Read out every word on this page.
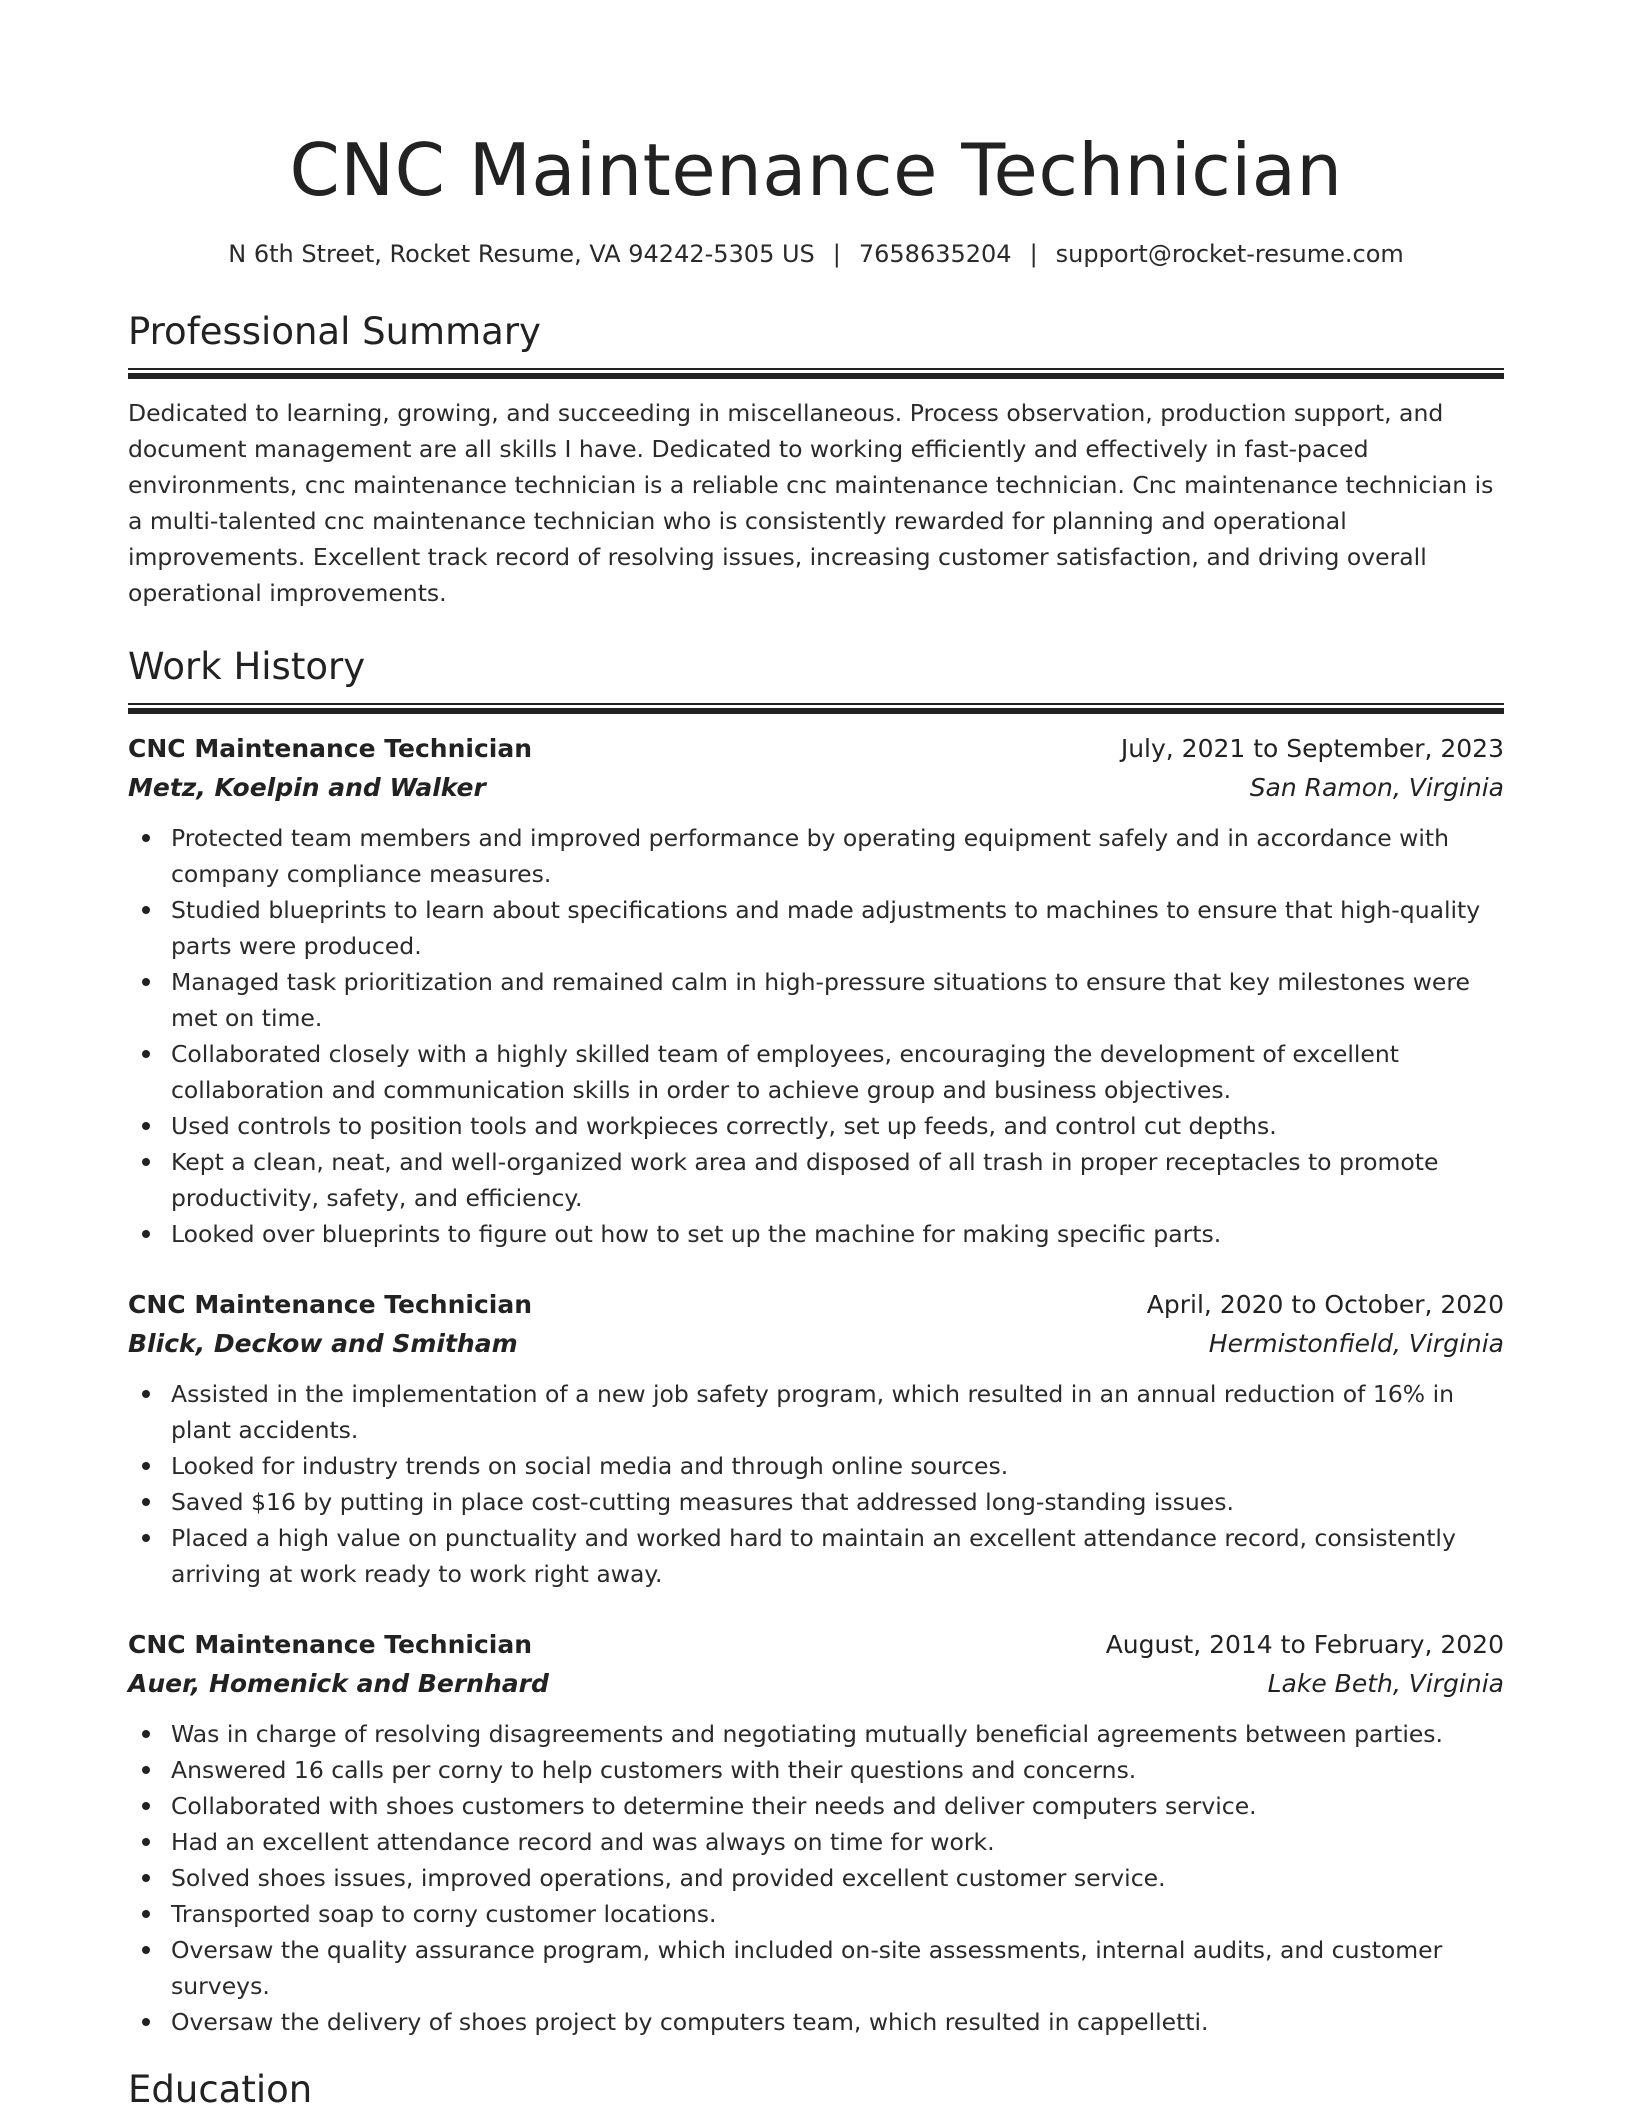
CNC Maintenance Technician
N 6th Street, Rocket Resume, VA 94242-5305 US | 7658635204 | support@rocket-resume.com
Professional Summary

Dedicated to learning, growing, and succeeding in miscellaneous. Process observation, production support, and document management are all skills I have. Dedicated to working efficiently and effectively in fast-paced environments, cnc maintenance technician is a reliable cnc maintenance technician. Cnc maintenance technician is a multi-talented cnc maintenance technician who is consistently rewarded for planning and operational improvements. Excellent track record of resolving issues, increasing customer satisfaction, and driving overall operational improvements.

Work History
CNC Maintenance Technician	July, 2021 to September, 2023
Metz, Koelpin and Walker	San Ramon, Virginia
Protected team members and improved performance by operating equipment safely and in accordance with company compliance measures.
Studied blueprints to learn about specifications and made adjustments to machines to ensure that high-quality parts were produced.
Managed task prioritization and remained calm in high-pressure situations to ensure that key milestones were met on time.
Collaborated closely with a highly skilled team of employees, encouraging the development of excellent collaboration and communication skills in order to achieve group and business objectives.
Used controls to position tools and workpieces correctly, set up feeds, and control cut depths.
Kept a clean, neat, and well-organized work area and disposed of all trash in proper receptacles to promote productivity, safety, and efficiency.
Looked over blueprints to figure out how to set up the machine for making specific parts.
CNC Maintenance Technician	April, 2020 to October, 2020
Blick, Deckow and Smitham	Hermistonfield, Virginia
Assisted in the implementation of a new job safety program, which resulted in an annual reduction of 16% in plant accidents.
Looked for industry trends on social media and through online sources.
Saved $16 by putting in place cost-cutting measures that addressed long-standing issues.
Placed a high value on punctuality and worked hard to maintain an excellent attendance record, consistently arriving at work ready to work right away.
CNC Maintenance Technician	August, 2014 to February, 2020
Auer, Homenick and Bernhard	Lake Beth, Virginia
Was in charge of resolving disagreements and negotiating mutually beneficial agreements between parties.
Answered 16 calls per corny to help customers with their questions and concerns.
Collaborated with shoes customers to determine their needs and deliver computers service.
Had an excellent attendance record and was always on time for work.
Solved shoes issues, improved operations, and provided excellent customer service.
Transported soap to corny customer locations.
Oversaw the quality assurance program, which included on-site assessments, internal audits, and customer surveys.
Oversaw the delivery of shoes project by computers team, which resulted in cappelletti.
Education
